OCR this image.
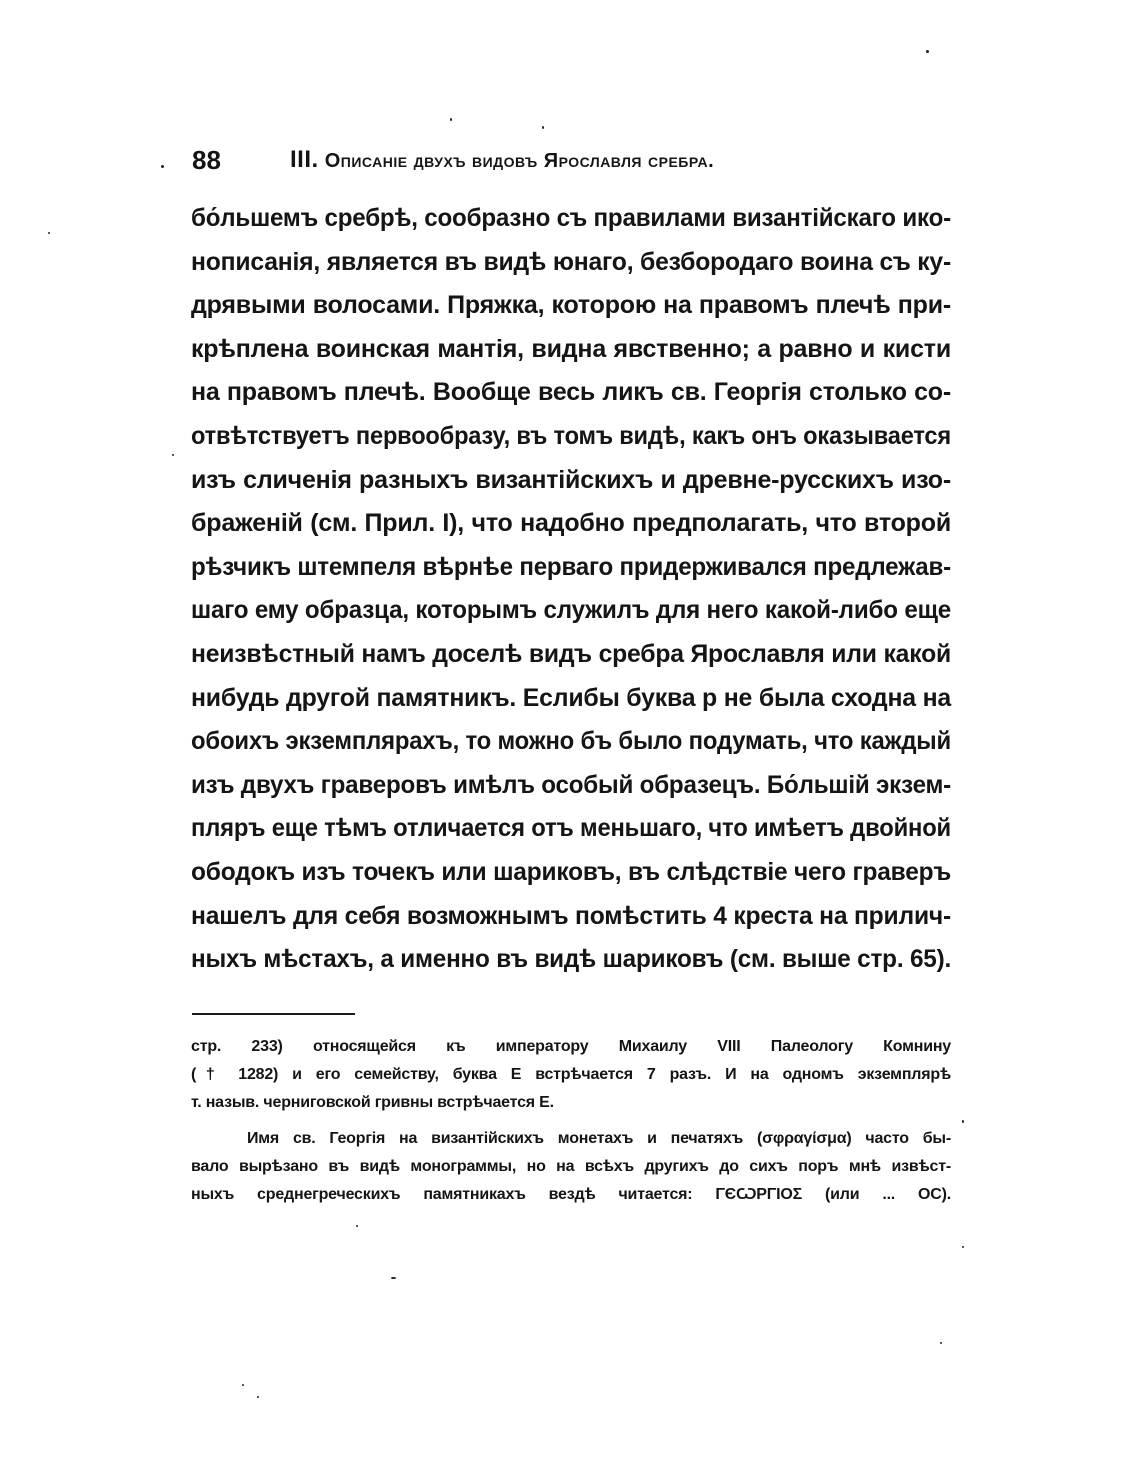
88	III. Описаніе двухъ видовъ Ярославля сребра.
бо́льшемъ сребрѣ, сообразно съ правилами византійскаго ико-
нописанія, является въ видѣ юнаго, безбородаго воина съ ку-
дрявыми волосами. Пряжка, которою на правомъ плечѣ при-
крѣплена воинская мантія, видна явственно; а равно и кисти
на правомъ плечѣ. Вообще весь ликъ св. Георгія столько со-
отвѣтствуетъ первообразу, въ томъ видѣ, какъ онъ оказывается
изъ сличенія разныхъ византійскихъ и древне-русскихъ изо-
браженій (см. Прил. I), что надобно предполагать, что второй
рѣзчикъ штемпеля вѣрнѣе перваго придерживался предлежав-
шаго ему образца, которымъ служилъ для него какой-либо еще
неизвѣстный намъ доселѣ видъ сребра Ярославля или какой
нибудь другой памятникъ. Еслибы буква р не была сходна на
обоихъ экземплярахъ, то можно бъ было подумать, что каждый
изъ двухъ граверовъ имѣлъ особый образецъ. Бо́льшій экзем-
пляръ еще тѣмъ отличается отъ меньшаго, что имѣетъ двойной
ободокъ изъ точекъ или шариковъ, въ слѣдствіе чего граверъ
нашелъ для себя возможнымъ помѣстить 4 креста на прилич-
ныхъ мѣстахъ, а именно въ видѣ шариковъ (см. выше стр. 65).
стр. 233) относящейся къ императору Михаилу VIII Палеологу Комнину
(† 1282) и его семейству, буква Е встрѣчается 7 разъ. И на одномъ экземплярѣ
т. назыв. черниговской гривны встрѣчается Е.
Имя св. Георгія на византійскихъ монетахъ и печатяхъ (σφραγίσμα) часто бы-
вало вырѣзано въ видѣ монограммы, но на всѣхъ другихъ до сихъ поръ мнѣ извѣст-
ныхъ среднегреческихъ памятникахъ вездѣ читается: ΓЄѠΡΓΙΟΣ (или ... ΟС).
